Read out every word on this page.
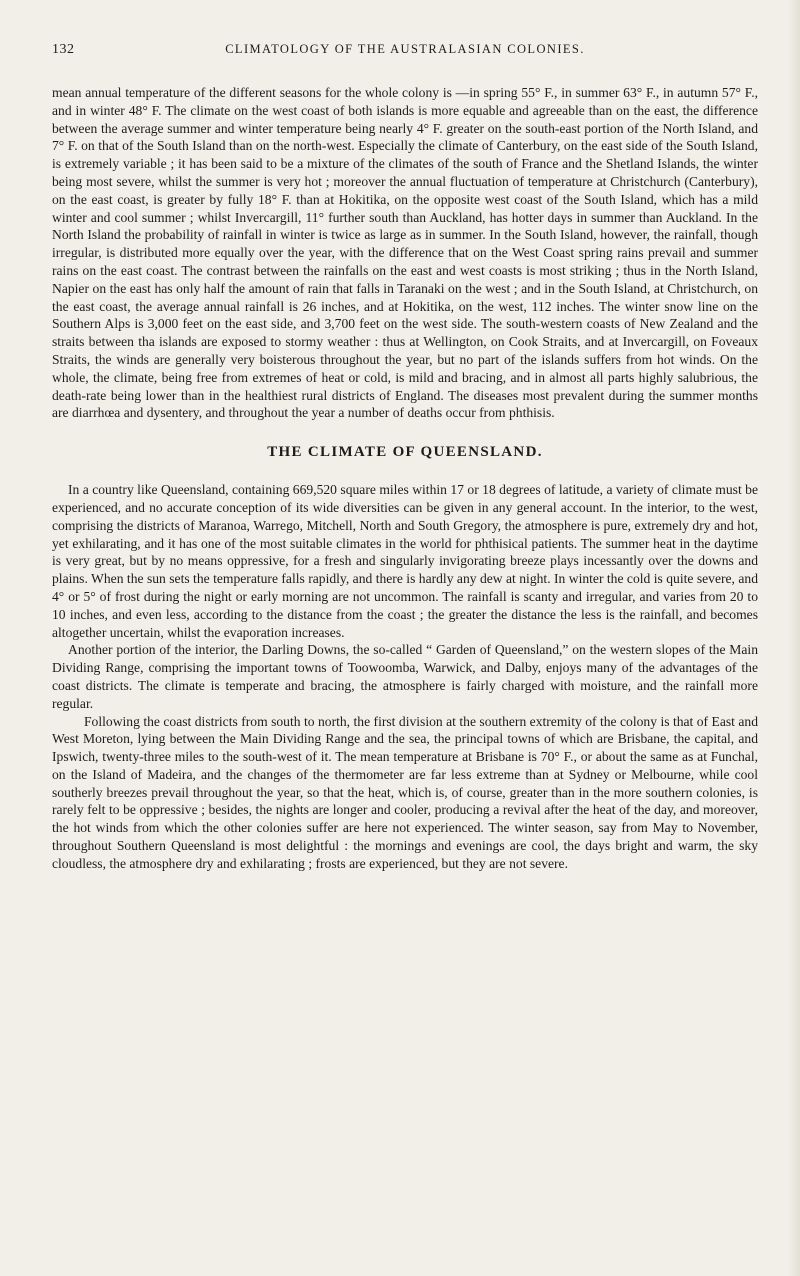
132	CLIMATOLOGY OF THE AUSTRALASIAN COLONIES.

mean annual temperature of the different seasons for the whole colony is —in spring 55° F., in summer 63° F., in autumn 57° F., and in winter 48° F. The climate on the west coast of both islands is more equable and agreeable than on the east, the difference between the average summer and winter temperature being nearly 4° F. greater on the south-east portion of the North Island, and 7° F. on that of the South Island than on the north-west. Especially the climate of Canterbury, on the east side of the South Island, is extremely variable ; it has been said to be a mixture of the climates of the south of France and the Shetland Islands, the winter being most severe, whilst the summer is very hot ; moreover the annual fluctuation of temperature at Christchurch (Canterbury), on the east coast, is greater by fully 18° F. than at Hokitika, on the opposite west coast of the South Island, which has a mild winter and cool summer ; whilst Invercargill, 11° further south than Auckland, has hotter days in summer than Auckland. In the North Island the probability of rainfall in winter is twice as large as in summer. In the South Island, however, the rainfall, though irregular, is distributed more equally over the year, with the difference that on the West Coast spring rains prevail and summer rains on the east coast. The contrast between the rainfalls on the east and west coasts is most striking ; thus in the North Island, Napier on the east has only half the amount of rain that falls in Taranaki on the west ; and in the South Island, at Christchurch, on the east coast, the average annual rainfall is 26 inches, and at Hokitika, on the west, 112 inches. The winter snow line on the Southern Alps is 3,000 feet on the east side, and 3,700 feet on the west side. The south-western coasts of New Zealand and the straits between tha islands are exposed to stormy weather : thus at Wellington, on Cook Straits, and at Invercargill, on Foveaux Straits, the winds are generally very boisterous throughout the year, but no part of the islands suffers from hot winds. On the whole, the climate, being free from extremes of heat or cold, is mild and bracing, and in almost all parts highly salubrious, the death-rate being lower than in the healthiest rural districts of England. The diseases most prevalent during the summer months are diarrhœa and dysentery, and throughout the year a number of deaths occur from phthisis.

THE CLIMATE OF QUEENSLAND.

In a country like Queensland, containing 669,520 square miles within 17 or 18 degrees of latitude, a variety of climate must be experienced, and no accurate conception of its wide diversities can be given in any general account. In the interior, to the west, comprising the districts of Maranoa, Warrego, Mitchell, North and South Gregory, the atmosphere is pure, extremely dry and hot, yet exhilarating, and it has one of the most suitable climates in the world for phthisical patients. The summer heat in the daytime is very great, but by no means oppressive, for a fresh and singularly invigorating breeze plays incessantly over the downs and plains. When the sun sets the temperature falls rapidly, and there is hardly any dew at night. In winter the cold is quite severe, and 4° or 5° of frost during the night or early morning are not uncommon. The rainfall is scanty and irregular, and varies from 20 to 10 inches, and even less, according to the distance from the coast ; the greater the distance the less is the rainfall, and becomes altogether uncertain, whilst the evaporation increases.

Another portion of the interior, the Darling Downs, the so-called “ Garden of Queensland,” on the western slopes of the Main Dividing Range, comprising the important towns of Toowoomba, Warwick, and Dalby, enjoys many of the advantages of the coast districts. The climate is temperate and bracing, the atmosphere is fairly charged with moisture, and the rainfall more regular.

Following the coast districts from south to north, the first division at the southern extremity of the colony is that of East and West Moreton, lying between the Main Dividing Range and the sea, the principal towns of which are Brisbane, the capital, and Ipswich, twenty-three miles to the south-west of it. The mean temperature at Brisbane is 70° F., or about the same as at Funchal, on the Island of Madeira, and the changes of the thermometer are far less extreme than at Sydney or Melbourne, while cool southerly breezes prevail throughout the year, so that the heat, which is, of course, greater than in the more southern colonies, is rarely felt to be oppressive ; besides, the nights are longer and cooler, producing a revival after the heat of the day, and moreover, the hot winds from which the other colonies suffer are here not experienced. The winter season, say from May to November, throughout Southern Queensland is most delightful : the mornings and evenings are cool, the days bright and warm, the sky cloudless, the atmosphere dry and exhilarating ; frosts are experienced, but they are not severe.
